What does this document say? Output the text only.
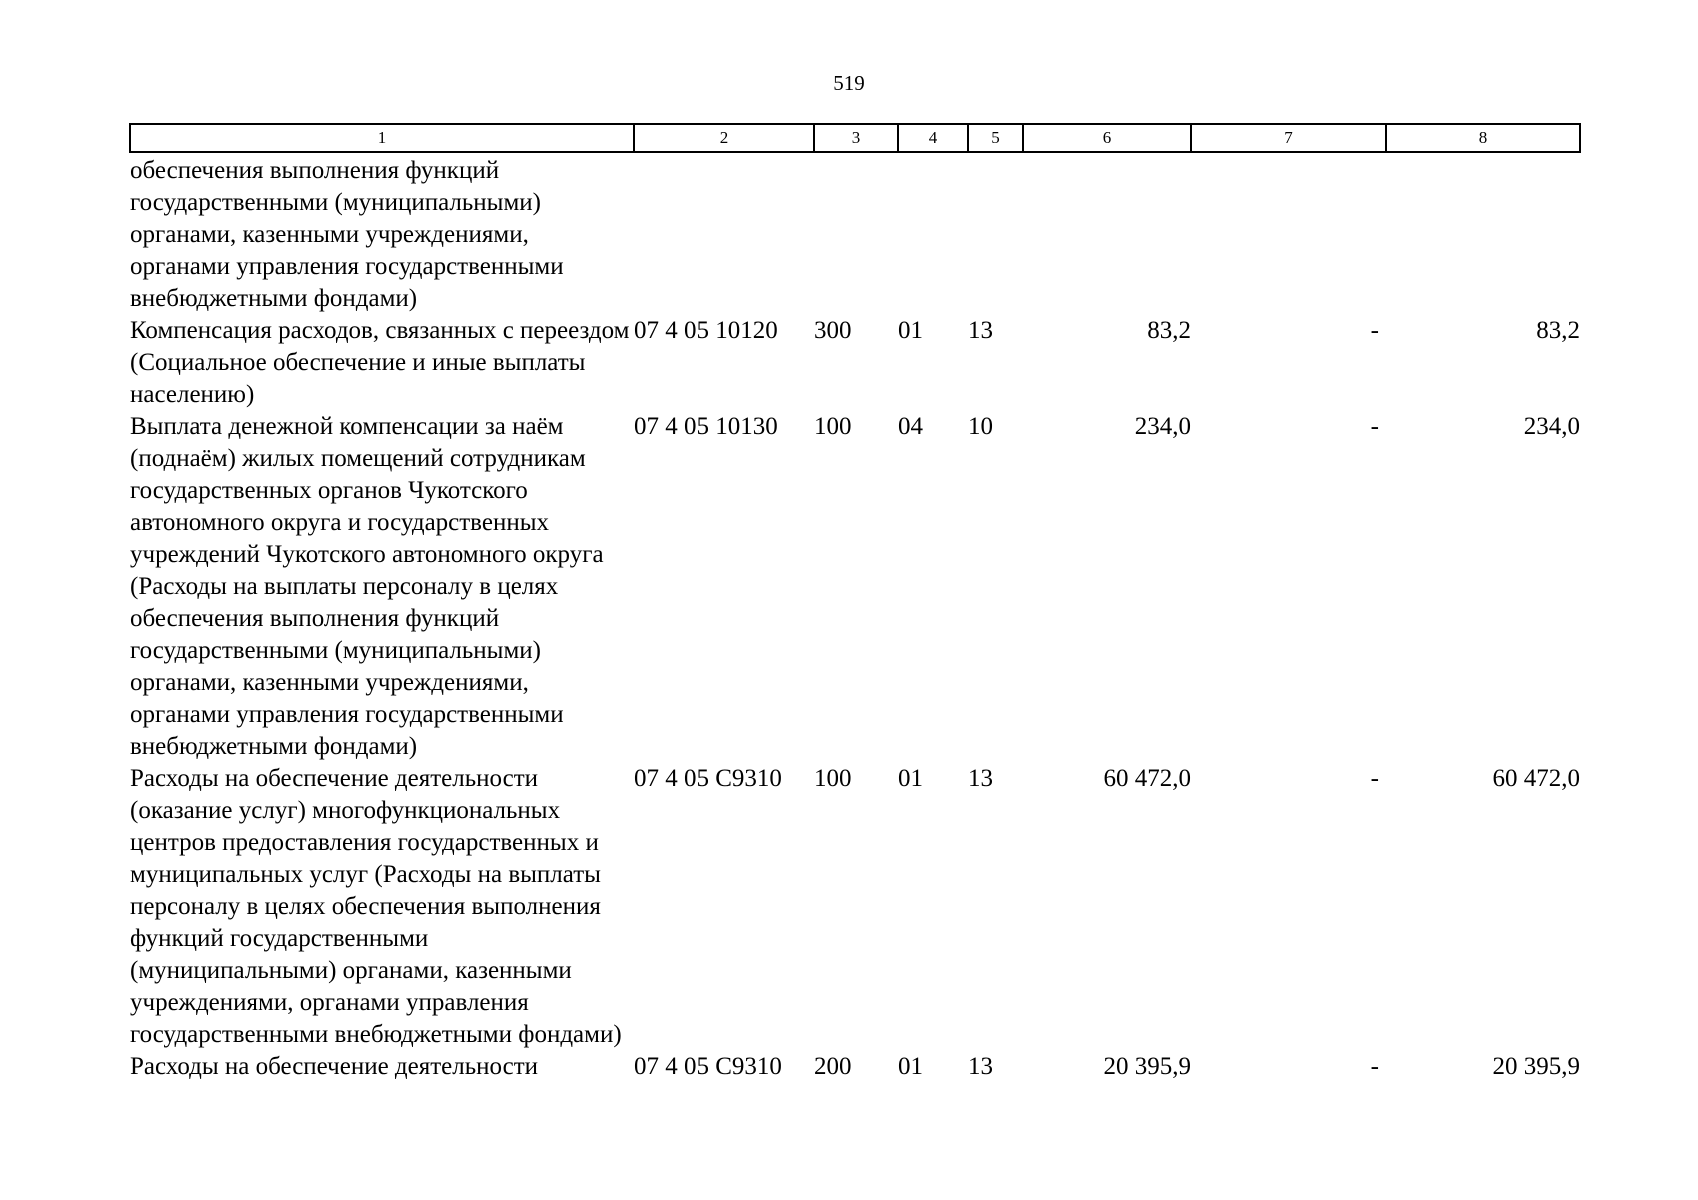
519
1	2	3	4	5	6	7	8

обеспечения выполнения функций государственными (муниципальными) органами, казенными учреждениями, органами управления государственными внебюджетными фондами)							

Компенсация расходов, связанных с переездом (Социальное обеспечение и иные выплаты населению)	07 4 05 10120	300	01	13	83,2	-	83,2

Выплата денежной компенсации за наём (поднаём) жилых помещений сотрудникам государственных органов Чукотского автономного округа и государственных учреждений Чукотского автономного округа (Расходы на выплаты персоналу в целях обеспечения выполнения функций государственными (муниципальными) органами, казенными учреждениями, органами управления государственными внебюджетными фондами)	07 4 05 10130	100	04	10	234,0	-	234,0

Расходы на обеспечение деятельности (оказание услуг) многофункциональных центров предоставления государственных и муниципальных услуг (Расходы на выплаты персоналу в целях обеспечения выполнения функций государственными (муниципальными) органами, казенными учреждениями, органами управления государственными внебюджетными фондами)	07 4 05 С9310	100	01	13	60 472,0	-	60 472,0

Расходы на обеспечение деятельности	07 4 05 С9310	200	01	13	20 395,9	-	20 395,9
